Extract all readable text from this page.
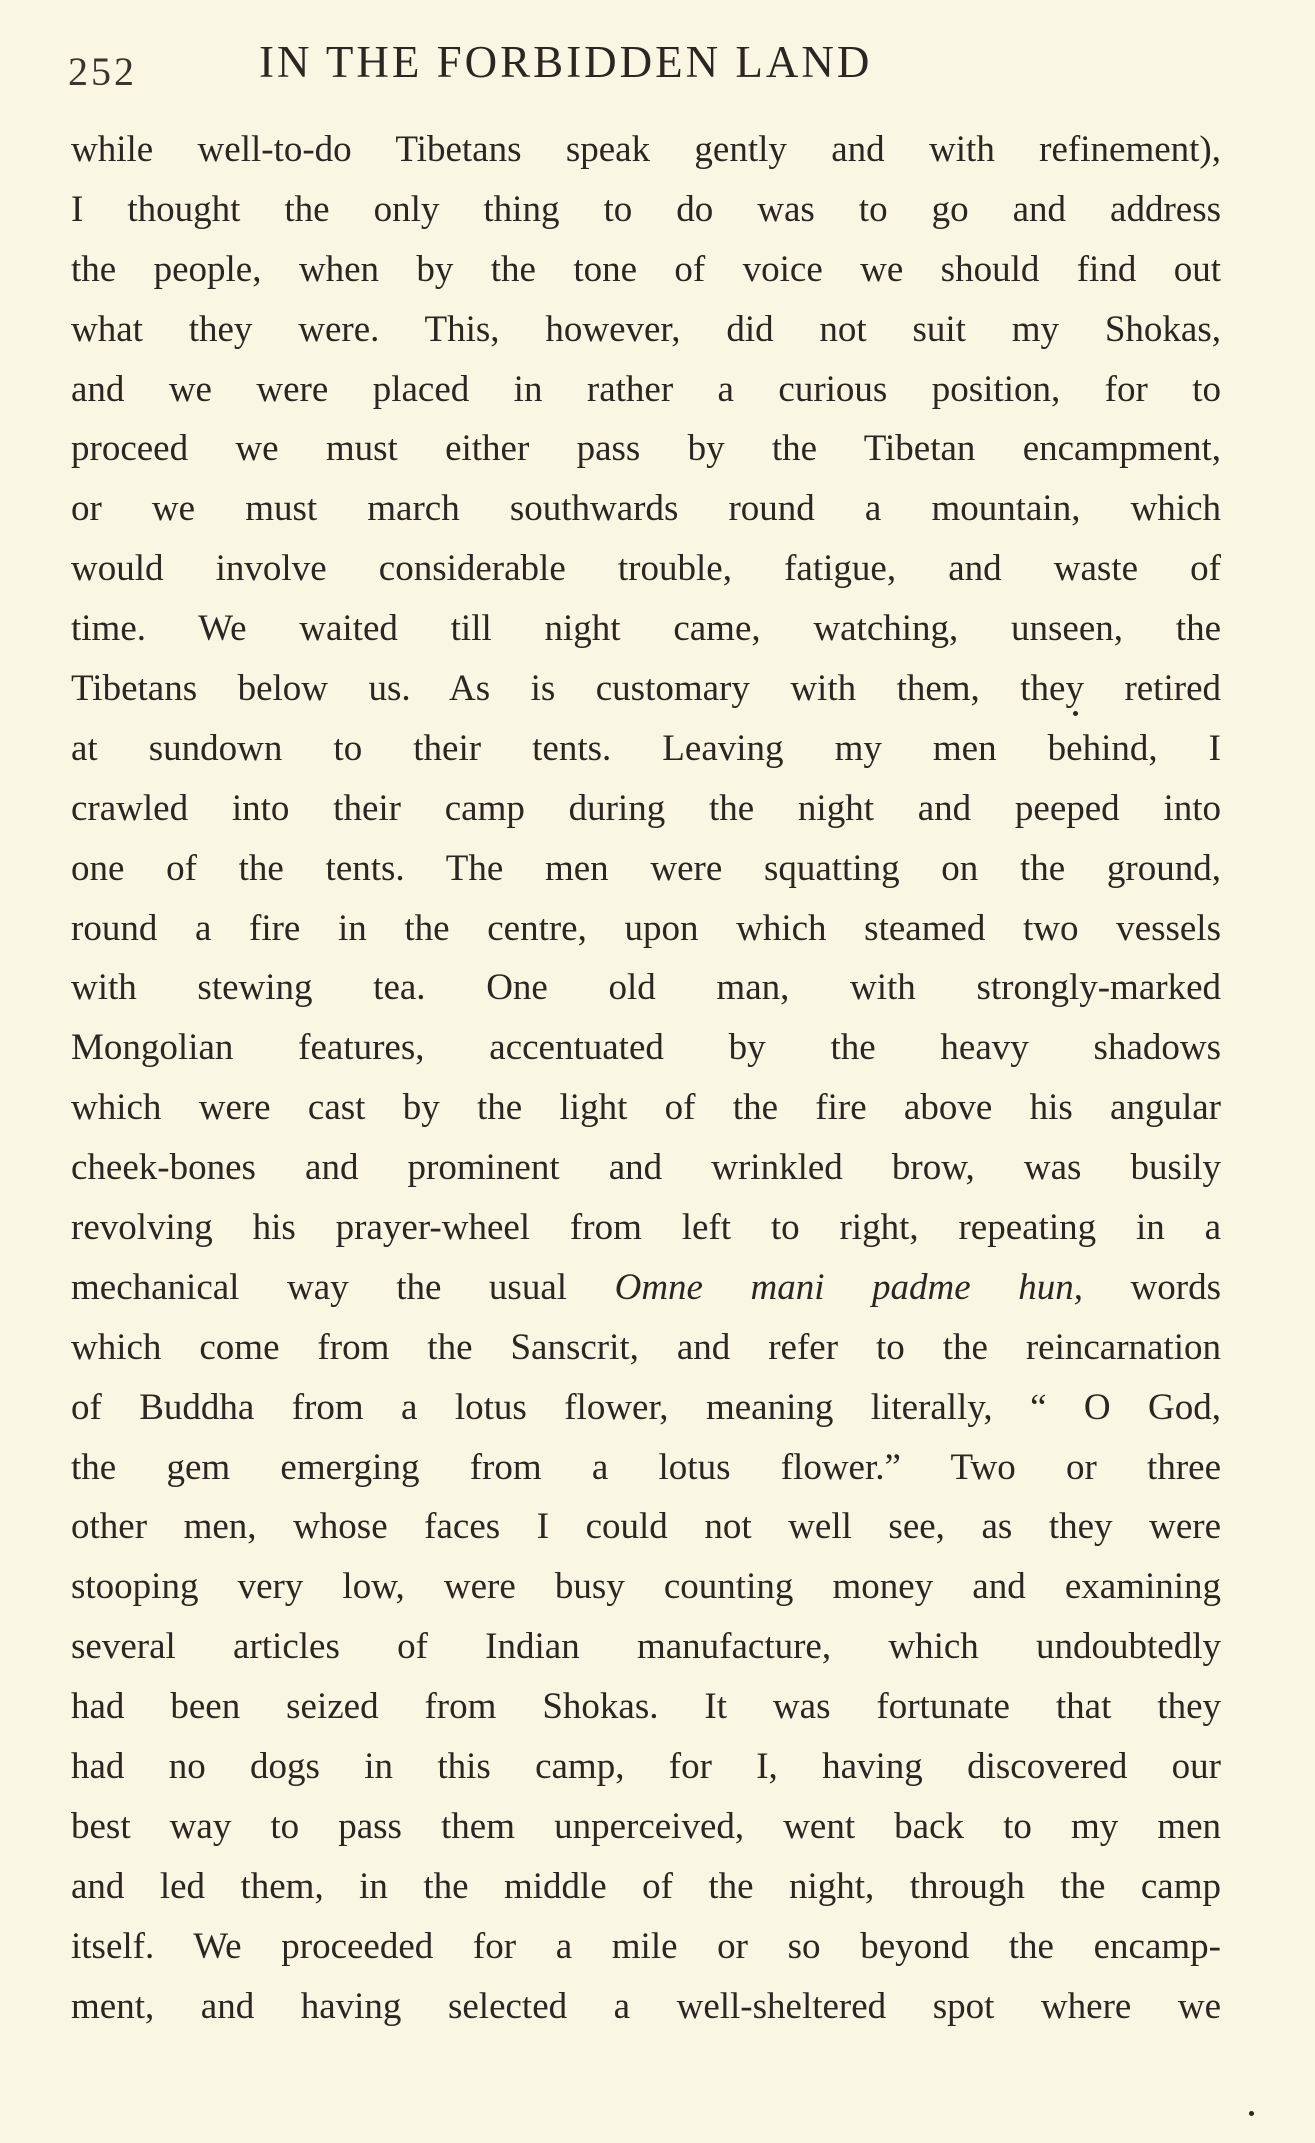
252	IN THE FORBIDDEN LAND
while well-to-do Tibetans speak gently and with refinement),
I thought the only thing to do was to go and address
the people, when by the tone of voice we should find out
what they were. This, however, did not suit my Shokas,
and we were placed in rather a curious position, for to
proceed we must either pass by the Tibetan encampment,
or we must march southwards round a mountain, which
would involve considerable trouble, fatigue, and waste of
time. We waited till night came, watching, unseen, the
Tibetans below us. As is customary with them, they retired
at sundown to their tents. Leaving my men behind, I
crawled into their camp during the night and peeped into
one of the tents. The men were squatting on the ground,
round a fire in the centre, upon which steamed two vessels
with stewing tea. One old man, with strongly-marked
Mongolian features, accentuated by the heavy shadows
which were cast by the light of the fire above his angular
cheek-bones and prominent and wrinkled brow, was busily
revolving his prayer-wheel from left to right, repeating in a
mechanical way the usual Omne mani padme hun, words
which come from the Sanscrit, and refer to the reincarnation
of Buddha from a lotus flower, meaning literally, “ O God,
the gem emerging from a lotus flower.” Two or three
other men, whose faces I could not well see, as they were
stooping very low, were busy counting money and examining
several articles of Indian manufacture, which undoubtedly
had been seized from Shokas. It was fortunate that they
had no dogs in this camp, for I, having discovered our
best way to pass them unperceived, went back to my men
and led them, in the middle of the night, through the camp
itself. We proceeded for a mile or so beyond the encamp-
ment, and having selected a well-sheltered spot where we
